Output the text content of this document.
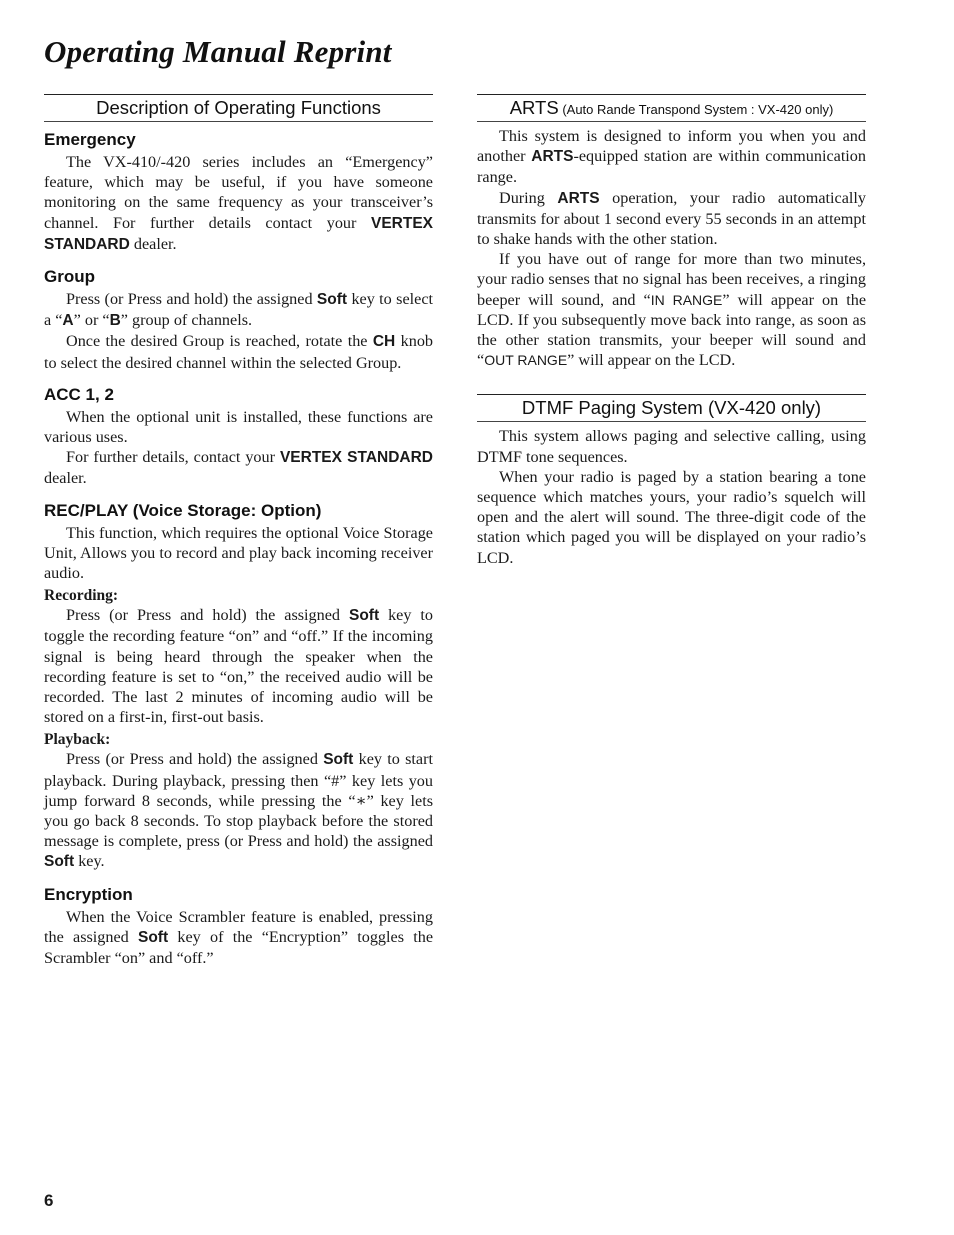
Operating Manual Reprint
Description of Operating Functions
Emergency

The VX-410/-420 series includes an “Emergency” feature, which may be useful, if you have someone monitoring on the same frequency as your transceiver’s channel. For further details contact your VERTEX STANDARD dealer.

Group

Press (or Press and hold) the assigned Soft key to select a “A” or “B” group of channels.

Once the desired Group is reached, rotate the CH knob to select the desired channel within the selected Group.

ACC 1, 2

When the optional unit is installed, these functions are various uses.

For further details, contact your VERTEX STANDARD dealer.

REC/PLAY (Voice Storage: Option)

This function, which requires the optional Voice Storage Unit, Allows you to record and play back incoming receiver audio.

Recording:

Press (or Press and hold) the assigned Soft key to toggle the recording feature “on” and “off.” If the incoming signal is being heard through the speaker when the recording feature is set to “on,” the received audio will be recorded. The last 2 minutes of incoming audio will be stored on a first-in, first-out basis.

Playback:

Press (or Press and hold) the assigned Soft key to start playback. During playback, pressing then “#” key lets you jump forward 8 seconds, while pressing the “∗” key lets you go back 8 seconds. To stop playback before the stored message is complete, press (or Press and hold) the assigned Soft key.

Encryption

When the Voice Scrambler feature is enabled, pressing the assigned Soft key of the “Encryption” toggles the Scrambler “on” and “off.”

ARTS (Auto Rande Transpond System : VX-420 only)

This system is designed to inform you when you and another ARTS-equipped station are within communication range.

During ARTS operation, your radio automatically transmits for about 1 second every 55 seconds in an attempt to shake hands with the other station.

If you have out of range for more than two minutes, your radio senses that no signal has been receives, a ringing beeper will sound, and “IN RANGE” will appear on the LCD. If you subsequently move back into range, as soon as the other station transmits, your beeper will sound and “OUT RANGE” will appear on the LCD.

DTMF Paging System (VX-420 only)

This system allows paging and selective calling, using DTMF tone sequences.

When your radio is paged by a station bearing a tone sequence which matches yours, your radio’s squelch will open and the alert will sound. The three-digit code of the station which paged you will be displayed on your radio’s LCD.

6
